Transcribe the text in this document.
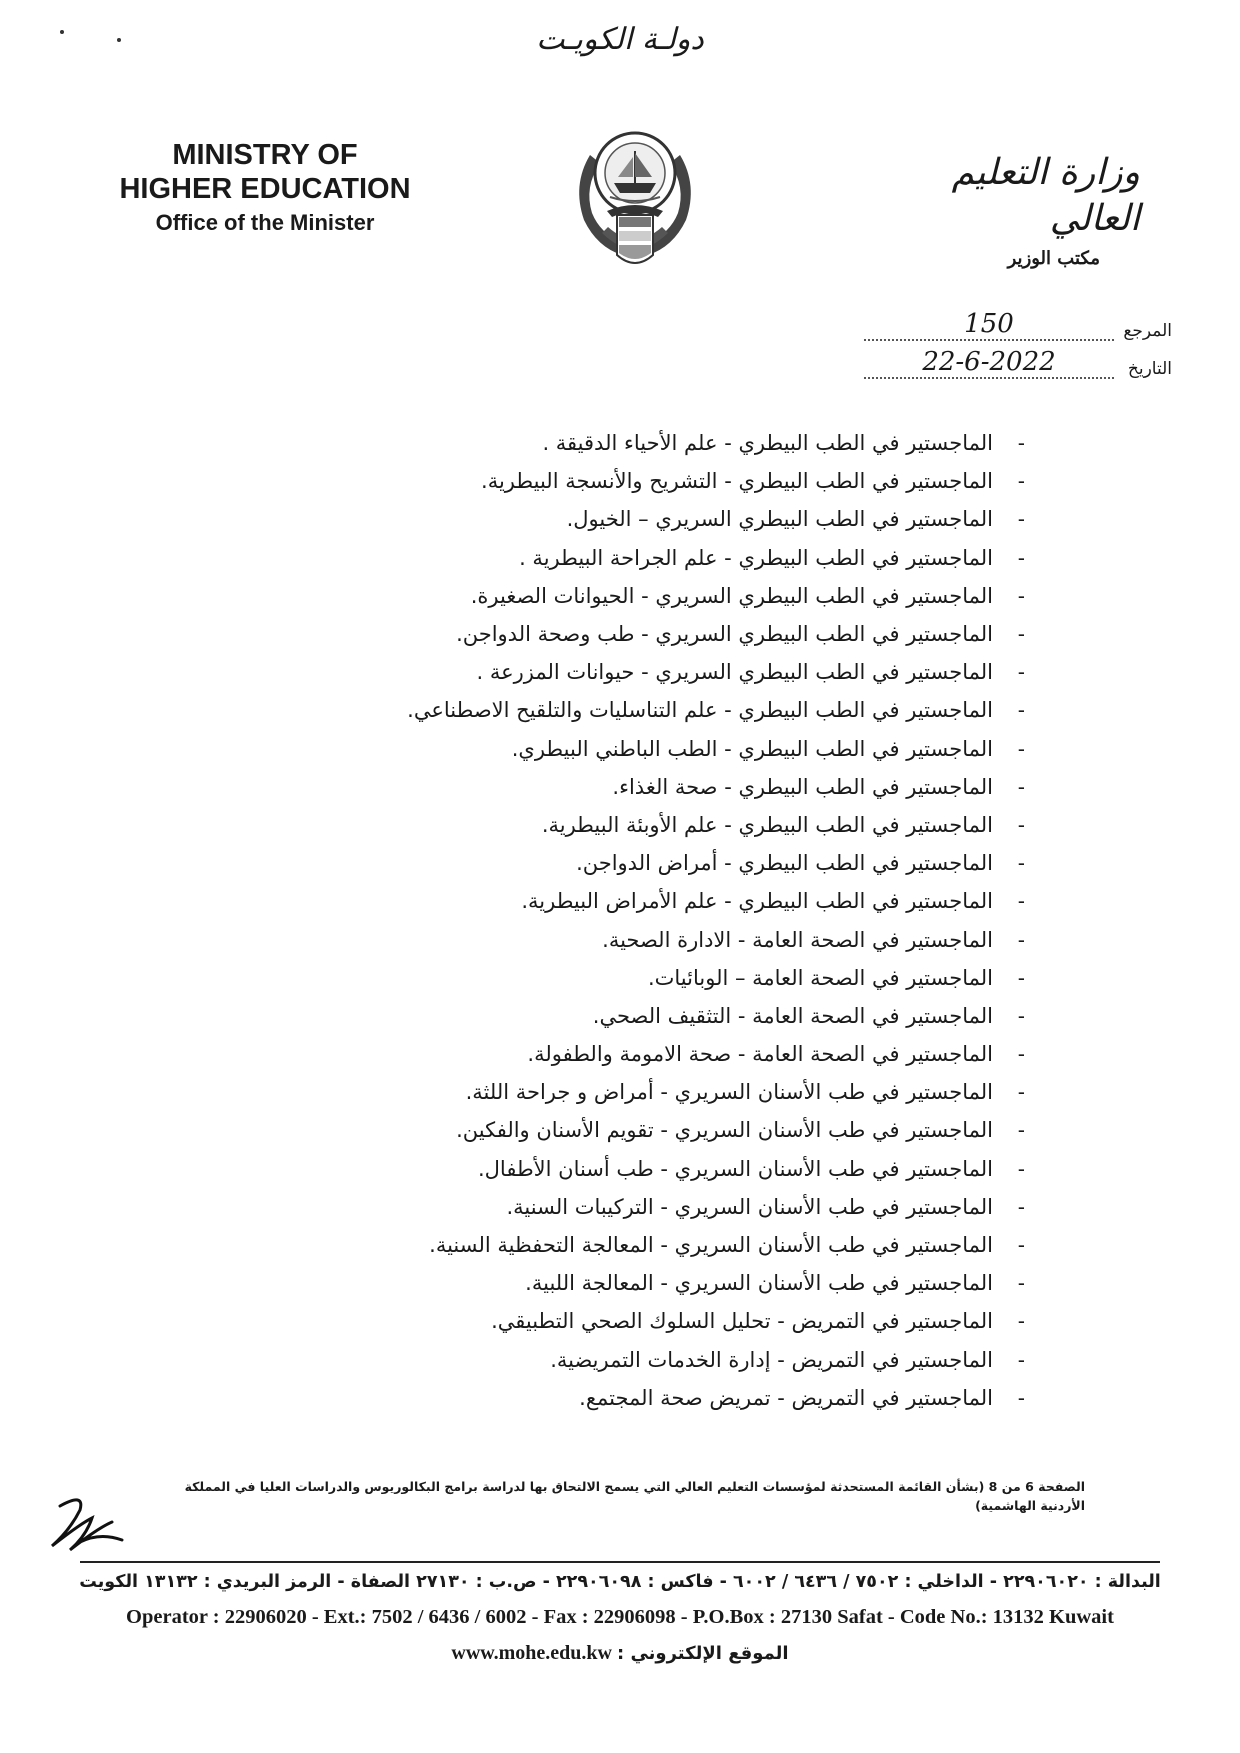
دولـة الكويـت
MINISTRY OF
HIGHER EDUCATION
Office of the Minister
وزارة التعليم العالي
مكتب الوزير
المرجع
150
التاريخ
22-6-2022
-
الماجستير في الطب البيطري - علم الأحياء الدقيقة .
-
الماجستير في الطب البيطري - التشريح والأنسجة البيطرية.
-
الماجستير في الطب البيطري السريري – الخيول.
-
الماجستير في الطب البيطري - علم الجراحة البيطرية .
-
الماجستير في الطب البيطري السريري - الحيوانات الصغيرة.
-
الماجستير في الطب البيطري السريري - طب وصحة الدواجن.
-
الماجستير في الطب البيطري السريري - حيوانات المزرعة .
-
الماجستير في الطب البيطري - علم التناسليات والتلقيح الاصطناعي.
-
الماجستير في الطب البيطري - الطب الباطني البيطري.
-
الماجستير في الطب البيطري - صحة الغذاء.
-
الماجستير في الطب البيطري - علم الأوبئة البيطرية.
-
الماجستير في الطب البيطري - أمراض الدواجن.
-
الماجستير في الطب البيطري - علم الأمراض البيطرية.
-
الماجستير في الصحة العامة - الادارة الصحية.
-
الماجستير في الصحة العامة – الوبائيات.
-
الماجستير في الصحة العامة - التثقيف الصحي.
-
الماجستير في الصحة العامة - صحة الامومة والطفولة.
-
الماجستير في طب الأسنان السريري - أمراض و جراحة اللثة.
-
الماجستير في طب الأسنان السريري - تقويم الأسنان والفكين.
-
الماجستير في طب الأسنان السريري - طب أسنان الأطفال.
-
الماجستير في طب الأسنان السريري - التركيبات السنية.
-
الماجستير في طب الأسنان السريري - المعالجة التحفظية السنية.
-
الماجستير في طب الأسنان السريري - المعالجة اللبية.
-
الماجستير في التمريض - تحليل السلوك الصحي التطبيقي.
-
الماجستير في التمريض - إدارة الخدمات التمريضية.
-
الماجستير في التمريض - تمريض صحة المجتمع.
الصفحة 6 من 8 (بشأن القائمة المستحدثة لمؤسسات التعليم العالي التي يسمح الالتحاق بها لدراسة برامج البكالوريوس والدراسات العليا في المملكة الأردنية الهاشمية)
البدالة : ٢٢٩٠٦٠٢٠ - الداخلي : ٧٥٠٢ / ٦٤٣٦ / ٦٠٠٢ - فاكس : ٢٢٩٠٦٠٩٨ - ص.ب : ٢٧١٣٠ الصفاة - الرمز البريدي : ١٣١٣٢ الكويت
Operator : 22906020 - Ext.: 7502 / 6436 / 6002 - Fax : 22906098 - P.O.Box : 27130 Safat - Code No.: 13132 Kuwait
www.mohe.edu.kw الموقع الإلكتروني :
